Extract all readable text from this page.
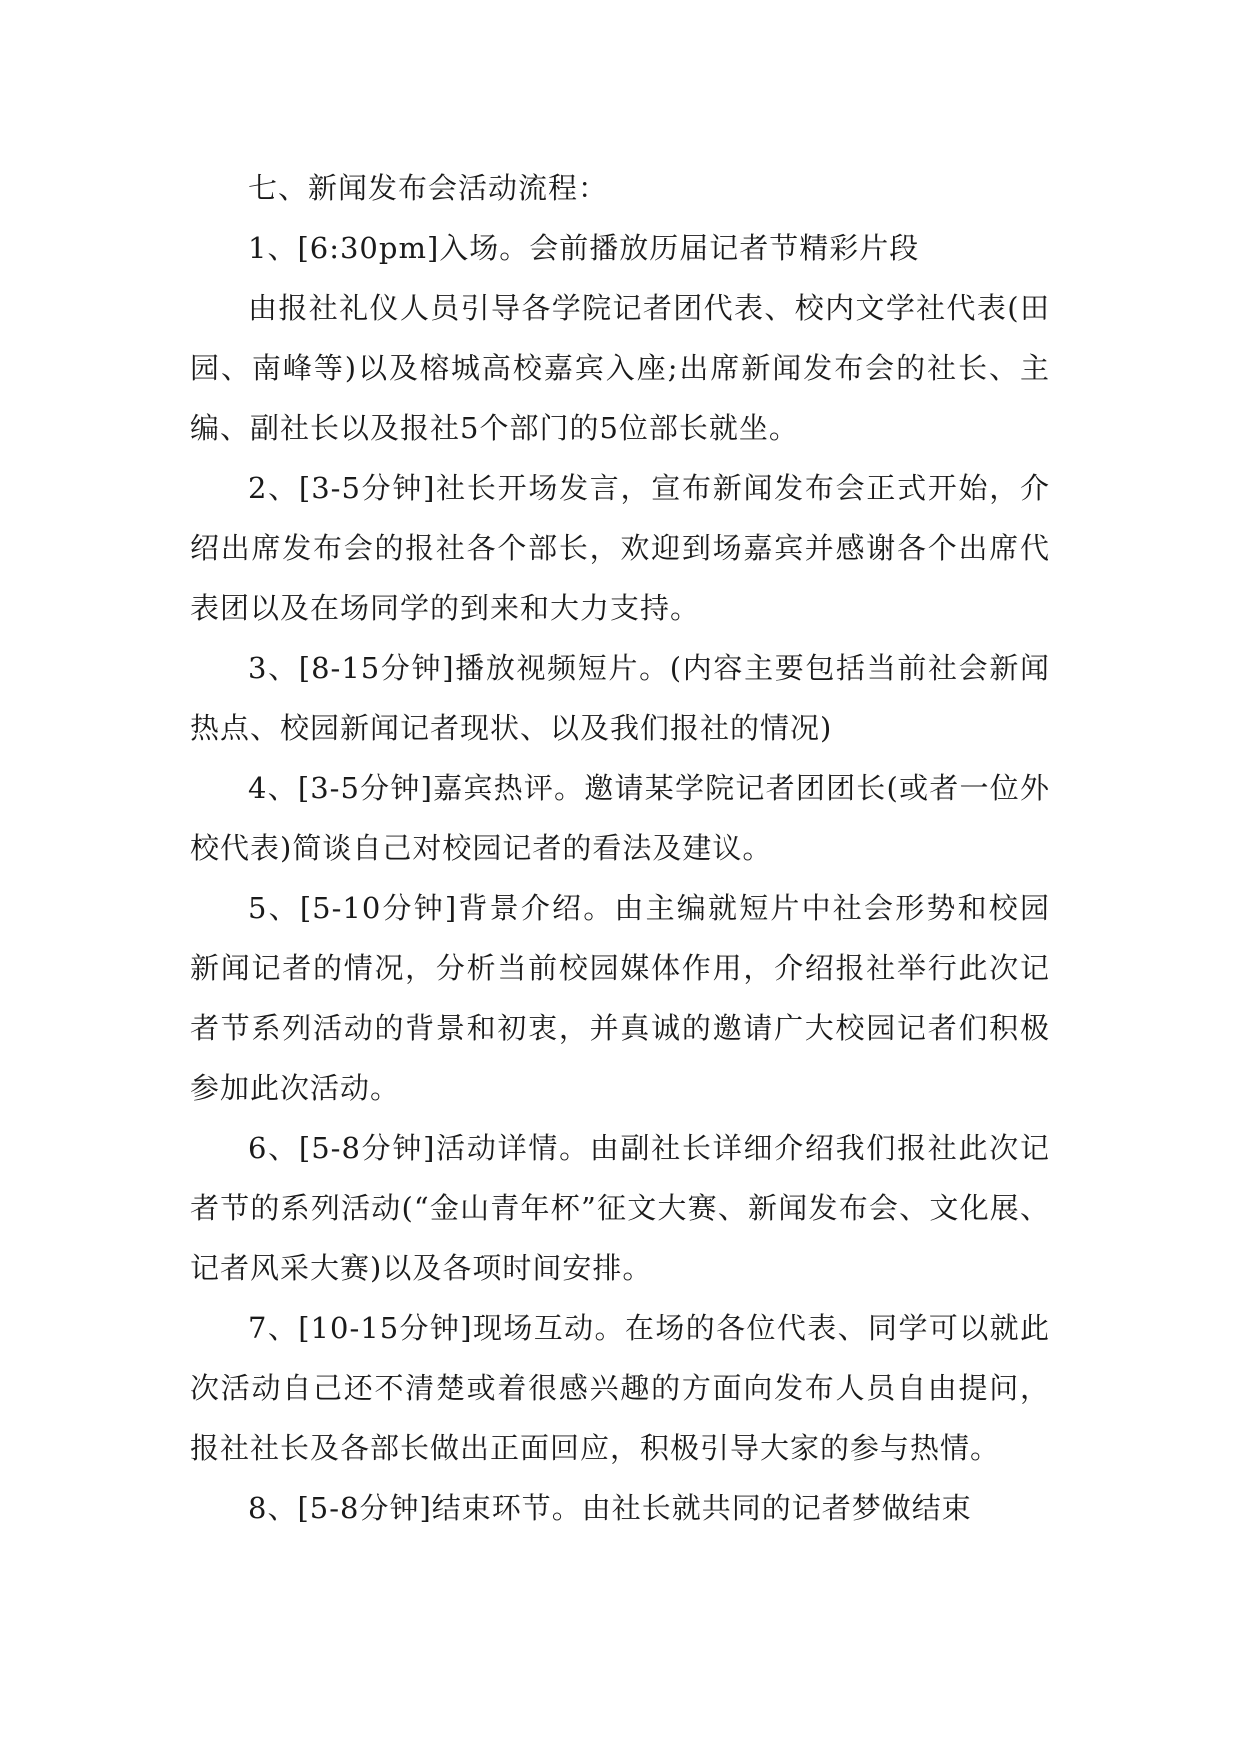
七、新闻发布会活动流程：

1、[6:30pm]入场。会前播放历届记者节精彩片段

由报社礼仪人员引导各学院记者团代表、校内文学社代表(田园、南峰等)以及榕城高校嘉宾入座;出席新闻发布会的社长、主编、副社长以及报社5个部门的5位部长就坐。

2、[3-5分钟]社长开场发言，宣布新闻发布会正式开始，介绍出席发布会的报社各个部长，欢迎到场嘉宾并感谢各个出席代表团以及在场同学的到来和大力支持。

3、[8-15分钟]播放视频短片。(内容主要包括当前社会新闻热点、校园新闻记者现状、以及我们报社的情况)

4、[3-5分钟]嘉宾热评。邀请某学院记者团团长(或者一位外校代表)简谈自己对校园记者的看法及建议。

5、[5-10分钟]背景介绍。由主编就短片中社会形势和校园新闻记者的情况，分析当前校园媒体作用，介绍报社举行此次记者节系列活动的背景和初衷，并真诚的邀请广大校园记者们积极参加此次活动。

6、[5-8分钟]活动详情。由副社长详细介绍我们报社此次记者节的系列活动(“金山青年杯”征文大赛、新闻发布会、文化展、记者风采大赛)以及各项时间安排。

7、[10-15分钟]现场互动。在场的各位代表、同学可以就此次活动自己还不清楚或着很感兴趣的方面向发布人员自由提问，报社社长及各部长做出正面回应，积极引导大家的参与热情。

8、[5-8分钟]结束环节。由社长就共同的记者梦做结束
